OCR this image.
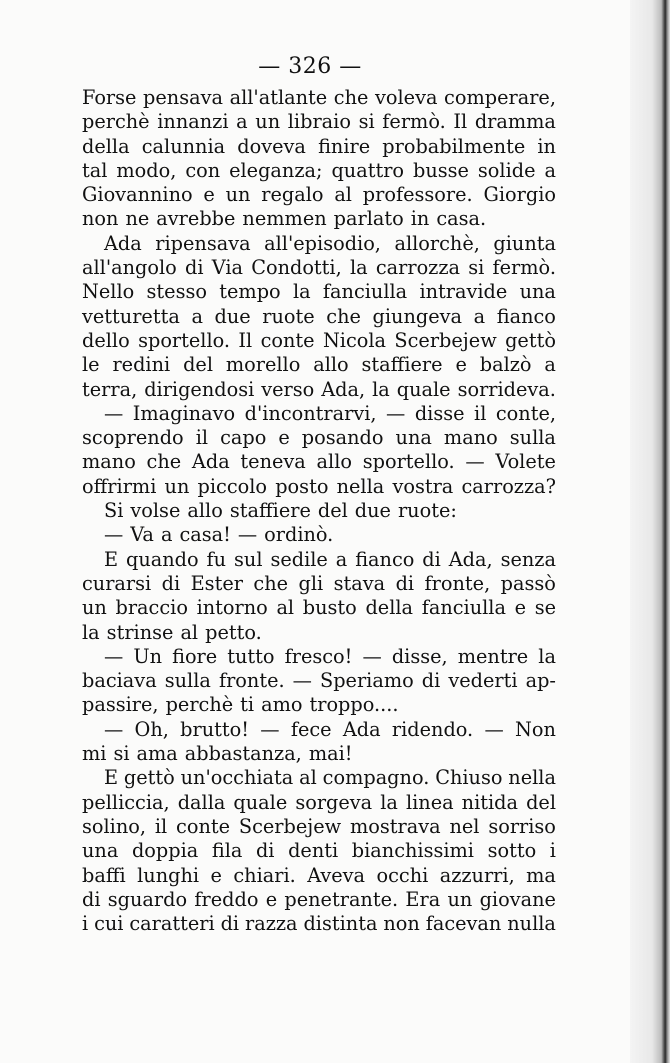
— 326 —
Forse pensava all'atlante che voleva comperare,
perchè innanzi a un libraio si fermò. Il dramma
della calunnia doveva finire probabilmente in
tal modo, con eleganza; quattro busse solide a
Giovannino e un regalo al professore. Giorgio
non ne avrebbe nemmen parlato in casa.
Ada ripensava all'episodio, allorchè, giunta
all'angolo di Via Condotti, la carrozza si fermò.
Nello stesso tempo la fanciulla intravide una
vetturetta a due ruote che giungeva a fianco
dello sportello. Il conte Nicola Scerbejew gettò
le redini del morello allo staffiere e balzò a
terra, dirigendosi verso Ada, la quale sorrideva.
— Imaginavo d'incontrarvi, — disse il conte,
scoprendo il capo e posando una mano sulla
mano che Ada teneva allo sportello. — Volete
offrirmi un piccolo posto nella vostra carrozza?
Si volse allo staffiere del due ruote:
— Va a casa! — ordinò.
E quando fu sul sedile a fianco di Ada, senza
curarsi di Ester che gli stava di fronte, passò
un braccio intorno al busto della fanciulla e se
la strinse al petto.
— Un fiore tutto fresco! — disse, mentre la
baciava sulla fronte. — Speriamo di vederti ap-
passire, perchè ti amo troppo....
— Oh, brutto! — fece Ada ridendo. — Non
mi si ama abbastanza, mai!
E gettò un'occhiata al compagno. Chiuso nella
pelliccia, dalla quale sorgeva la linea nitida del
solino, il conte Scerbejew mostrava nel sorriso
una doppia fila di denti bianchissimi sotto i
baffi lunghi e chiari. Aveva occhi azzurri, ma
di sguardo freddo e penetrante. Era un giovane
i cui caratteri di razza distinta non facevan nulla
